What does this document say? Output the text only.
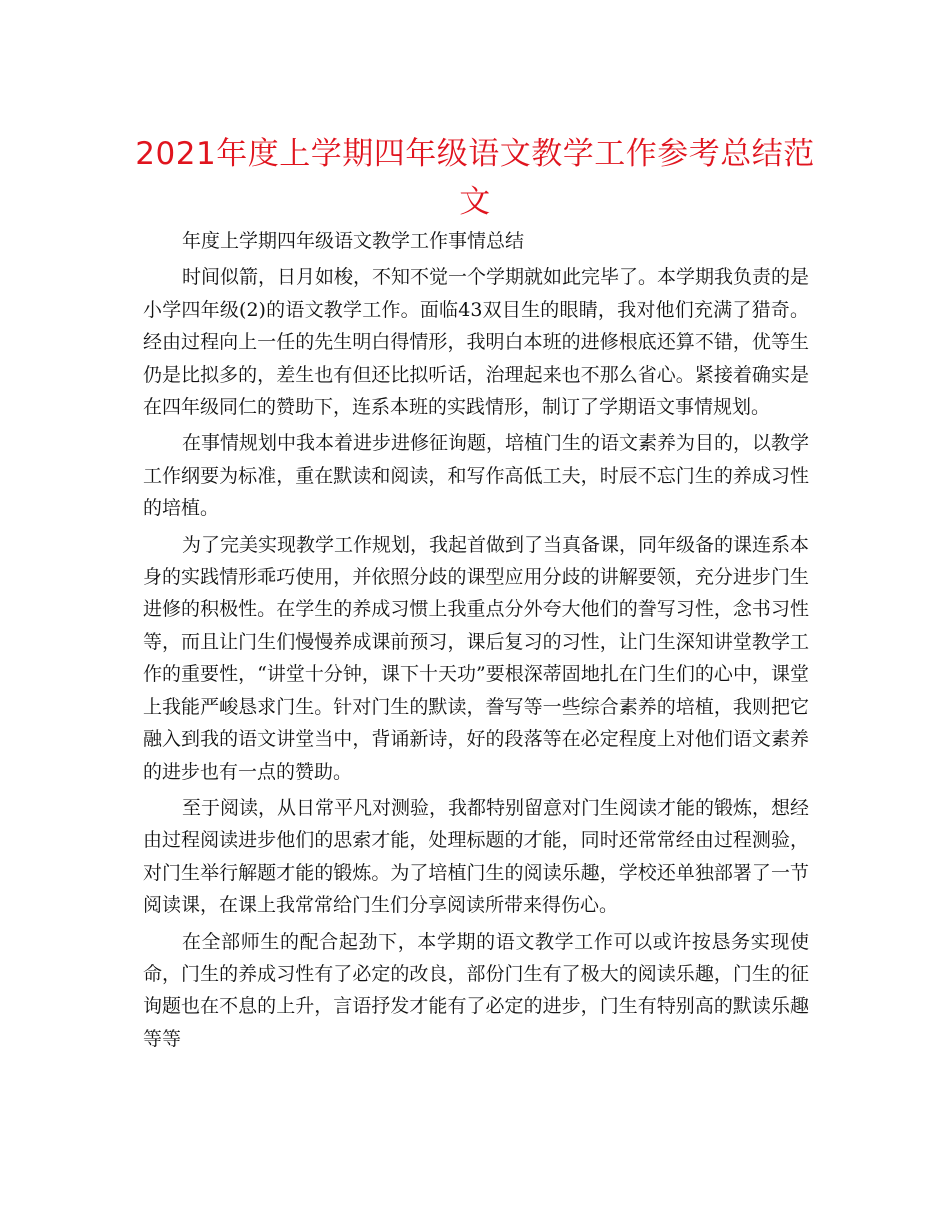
2021年度上学期四年级语文教学工作参考总结范文

年度上学期四年级语文教学工作事情总结

时间似箭，日月如梭，不知不觉一个学期就如此完毕了。本学期我负责的是小学四年级(2)的语文教学工作。面临43双目生的眼睛，我对他们充满了猎奇。经由过程向上一任的先生明白得情形，我明白本班的进修根底还算不错，优等生仍是比拟多的，差生也有但还比拟听话，治理起来也不那么省心。紧接着确实是在四年级同仁的赞助下，连系本班的实践情形，制订了学期语文事情规划。

在事情规划中我本着进步进修征询题，培植门生的语文素养为目的，以教学工作纲要为标准，重在默读和阅读，和写作高低工夫，时辰不忘门生的养成习性的培植。

为了完美实现教学工作规划，我起首做到了当真备课，同年级备的课连系本身的实践情形乖巧使用，并依照分歧的课型应用分歧的讲解要领，充分进步门生进修的积极性。在学生的养成习惯上我重点分外夸大他们的誊写习性，念书习性等，而且让门生们慢慢养成课前预习，课后复习的习性，让门生深知讲堂教学工作的重要性，“讲堂十分钟，课下十天功”要根深蒂固地扎在门生们的心中，课堂上我能严峻恳求门生。针对门生的默读，誊写等一些综合素养的培植，我则把它融入到我的语文讲堂当中，背诵新诗，好的段落等在必定程度上对他们语文素养的进步也有一点的赞助。

至于阅读，从日常平凡对测验，我都特别留意对门生阅读才能的锻炼，想经由过程阅读进步他们的思索才能，处理标题的才能，同时还常常经由过程测验，对门生举行解题才能的锻炼。为了培植门生的阅读乐趣，学校还单独部署了一节阅读课，在课上我常常给门生们分享阅读所带来得伤心。

在全部师生的配合起劲下，本学期的语文教学工作可以或许按恳务实现使命，门生的养成习性有了必定的改良，部份门生有了极大的阅读乐趣，门生的征询题也在不息的上升，言语抒发才能有了必定的进步，门生有特别高的默读乐趣等等
